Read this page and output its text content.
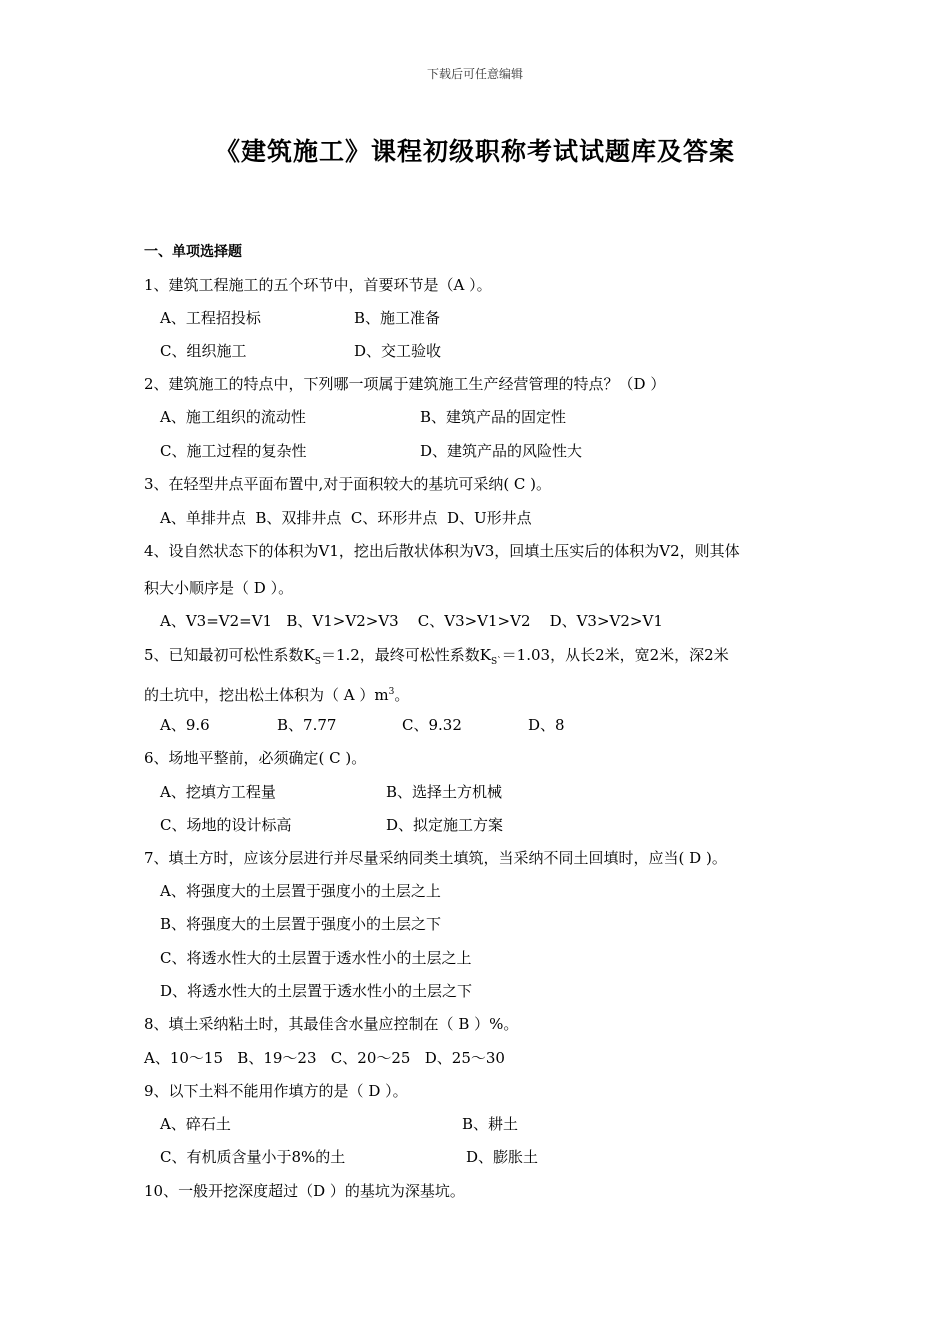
下载后可任意编辑
《建筑施工》课程初级职称考试试题库及答案
一、单项选择题
1、建筑工程施工的五个环节中，首要环节是（A ）。
A、工程招投标	B、施工准备
C、组织施工	D、交工验收
2、建筑施工的特点中，下列哪一项属于建筑施工生产经营管理的特点？（D ）
A、施工组织的流动性	B、建筑产品的固定性
C、施工过程的复杂性	D、建筑产品的风险性大
3、在轻型井点平面布置中,对于面积较大的基坑可采纳( C )。
A、单排井点  B、双排井点  C、环形井点  D、U形井点
4、设自然状态下的体积为V1，挖出后散状体积为V3，回填土压实后的体积为V2，则其体
积大小顺序是（ D ）。
A、V3=V2=V1   B、V1>V2>V3    C、V3>V1>V2    D、V3>V2>V1
5、已知最初可松性系数$K_S=1.2$，最终可松性系数$K_{S`}=1.03$，从长2米，宽2米，深2米
的土坑中，挖出松土体积为（ A ）$m^3$。
A、9.6	B、7.77	C、9.32	D、8
6、场地平整前，必须确定( C )。
A、挖填方工程量	B、选择土方机械
C、场地的设计标高	D、拟定施工方案
7、填土方时，应该分层进行并尽量采纳同类土填筑，当采纳不同土回填时，应当( D )。
A、将强度大的土层置于强度小的土层之上
B、将强度大的土层置于强度小的土层之下
C、将透水性大的土层置于透水性小的土层之上
D、将透水性大的土层置于透水性小的土层之下
8、填土采纳粘土时，其最佳含水量应控制在（ B ）%。
A、10～15   B、19～23   C、20～25   D、25～30
9、以下土料不能用作填方的是（ D ）。
A、碎石土	B、耕土
C、有机质含量小于8%的土	D、膨胀土
10、一般开挖深度超过（D ）的基坑为深基坑。
